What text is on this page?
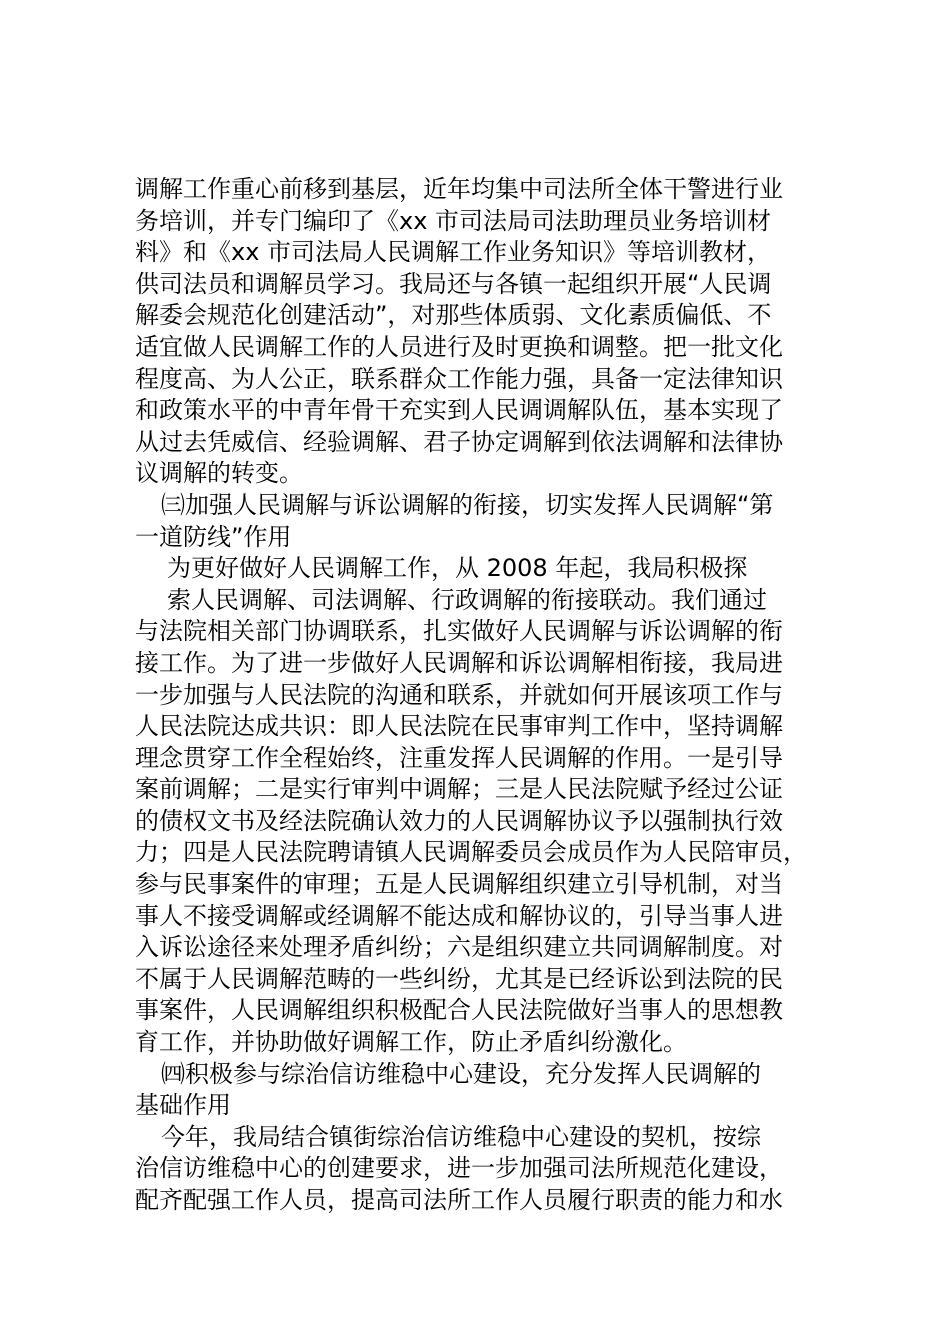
调解工作重心前移到基层，近年均集中司法所全体干警进行业
务培训，并专门编印了《xx 市司法局司法助理员业务培训材
料》和《xx 市司法局人民调解工作业务知识》等培训教材，
供司法员和调解员学习。我局还与各镇一起组织开展“人民调
解委会规范化创建活动”，对那些体质弱、文化素质偏低、不
适宜做人民调解工作的人员进行及时更换和调整。把一批文化
程度高、为人公正，联系群众工作能力强，具备一定法律知识
和政策水平的中青年骨干充实到人民调调解队伍，基本实现了
从过去凭威信、经验调解、君子协定调解到依法调解和法律协
议调解的转变。
㈢加强人民调解与诉讼调解的衔接，切实发挥人民调解“第
一道防线”作用
为更好做好人民调解工作，从 2008 年起，我局积极探
索人民调解、司法调解、行政调解的衔接联动。我们通过
与法院相关部门协调联系，扎实做好人民调解与诉讼调解的衔
接工作。为了进一步做好人民调解和诉讼调解相衔接，我局进
一步加强与人民法院的沟通和联系，并就如何开展该项工作与
人民法院达成共识：即人民法院在民事审判工作中，坚持调解
理念贯穿工作全程始终，注重发挥人民调解的作用。一是引导
案前调解；二是实行审判中调解；三是人民法院赋予经过公证
的债权文书及经法院确认效力的人民调解协议予以强制执行效
力；四是人民法院聘请镇人民调解委员会成员作为人民陪审员，
参与民事案件的审理；五是人民调解组织建立引导机制，对当
事人不接受调解或经调解不能达成和解协议的，引导当事人进
入诉讼途径来处理矛盾纠纷；六是组织建立共同调解制度。对
不属于人民调解范畴的一些纠纷，尤其是已经诉讼到法院的民
事案件，人民调解组织积极配合人民法院做好当事人的思想教
育工作，并协助做好调解工作，防止矛盾纠纷激化。
㈣积极参与综治信访维稳中心建设，充分发挥人民调解的
基础作用
今年，我局结合镇街综治信访维稳中心建设的契机，按综
治信访维稳中心的创建要求，进一步加强司法所规范化建设，
配齐配强工作人员，提高司法所工作人员履行职责的能力和水
